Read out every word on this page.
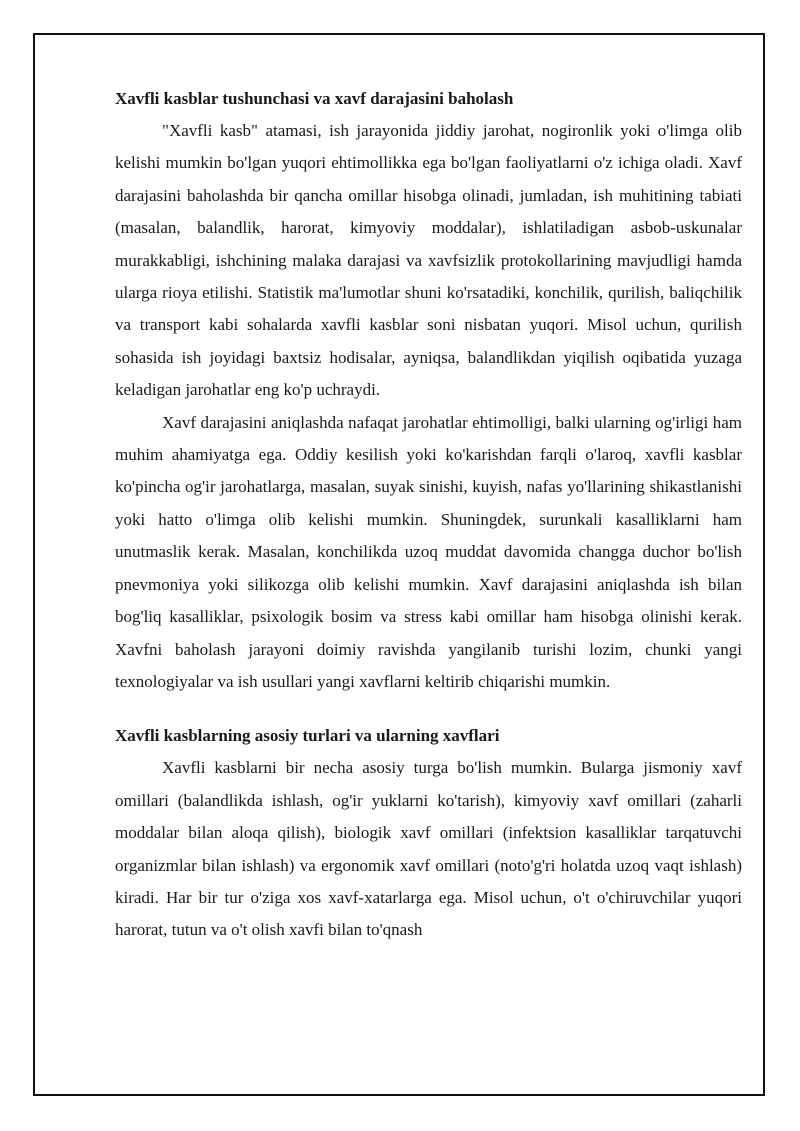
Xavfli kasblar tushunchasi va xavf darajasini baholash

"Xavfli kasb" atamasi, ish jarayonida jiddiy jarohat, nogironlik yoki o'limga olib kelishi mumkin bo'lgan yuqori ehtimollikka ega bo'lgan faoliyatlarni o'z ichiga oladi. Xavf darajasini baholashda bir qancha omillar hisobga olinadi, jumladan, ish muhitining tabiati (masalan, balandlik, harorat, kimyoviy moddalar), ishlatiladigan asbob-uskunalar murakkabligi, ishchining malaka darajasi va xavfsizlik protokollarining mavjudligi hamda ularga rioya etilishi. Statistik ma'lumotlar shuni ko'rsatadiki, konchilik, qurilish, baliqchilik va transport kabi sohalarda xavfli kasblar soni nisbatan yuqori. Misol uchun, qurilish sohasida ish joyidagi baxtsiz hodisalar, ayniqsa, balandlikdan yiqilish oqibatida yuzaga keladigan jarohatlar eng ko'p uchraydi.

Xavf darajasini aniqlashda nafaqat jarohatlar ehtimolligi, balki ularning og'irligi ham muhim ahamiyatga ega. Oddiy kesilish yoki ko'karishdan farqli o'laroq, xavfli kasblar ko'pincha og'ir jarohatlarga, masalan, suyak sinishi, kuyish, nafas yo'llarining shikastlanishi yoki hatto o'limga olib kelishi mumkin. Shuningdek, surunkali kasalliklarni ham unutmaslik kerak. Masalan, konchilikda uzoq muddat davomida changga duchor bo'lish pnevmoniya yoki silikozga olib kelishi mumkin. Xavf darajasini aniqlashda ish bilan bog'liq kasalliklar, psixologik bosim va stress kabi omillar ham hisobga olinishi kerak. Xavfni baholash jarayoni doimiy ravishda yangilanib turishi lozim, chunki yangi texnologiyalar va ish usullari yangi xavflarni keltirib chiqarishi mumkin.

Xavfli kasblarning asosiy turlari va ularning xavflari

Xavfli kasblarni bir necha asosiy turga bo'lish mumkin. Bularga jismoniy xavf omillari (balandlikda ishlash, og'ir yuklarni ko'tarish), kimyoviy xavf omillari (zaharli moddalar bilan aloqa qilish), biologik xavf omillari (infektsion kasalliklar tarqatuvchi organizmlar bilan ishlash) va ergonomik xavf omillari (noto'g'ri holatda uzoq vaqt ishlash) kiradi. Har bir tur o'ziga xos xavf-xatarlarga ega. Misol uchun, o't o'chiruvchilar yuqori harorat, tutun va o't olish xavfi bilan to'qnash
